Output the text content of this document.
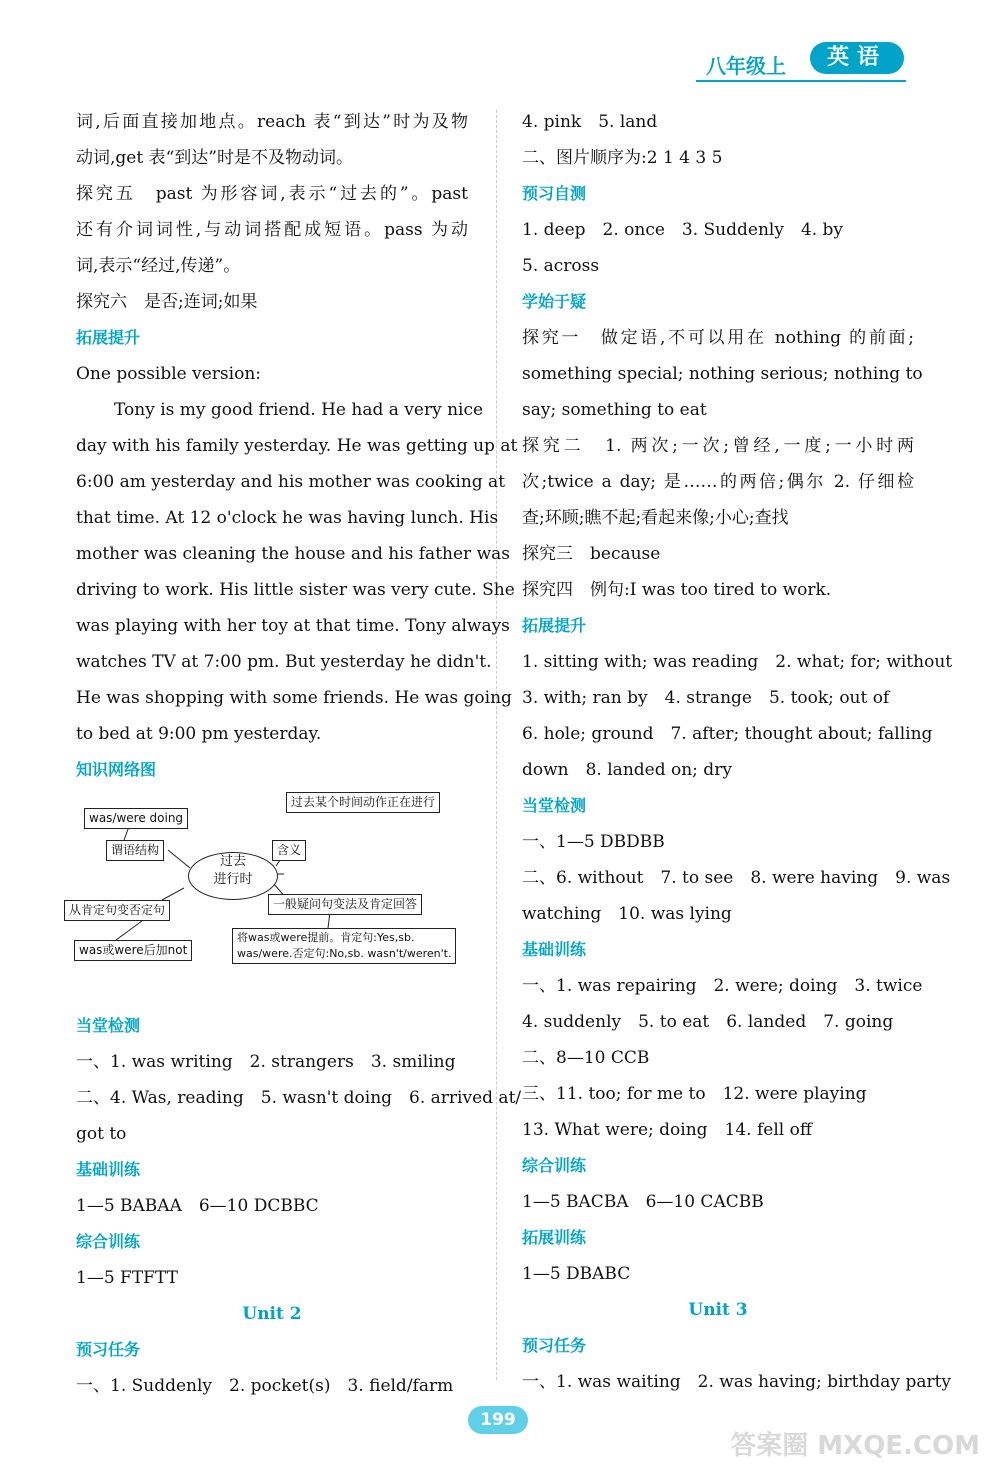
八年级上	英语
词,后面直接加地点。reach 表“到达”时为及物
动词,get 表“到达”时是不及物动词。
探究五　past 为形容词,表示“过去的”。past
还有介词词性,与动词搭配成短语。pass 为动
词,表示“经过,传递”。
探究六　是否;连词;如果
拓展提升
One possible version:
Tony is my good friend. He had a very nice
day with his family yesterday. He was getting up at
6:00 am yesterday and his mother was cooking at
that time. At 12 o'clock he was having lunch. His
mother was cleaning the house and his father was
driving to work. His little sister was very cute. She
was playing with her toy at that time. Tony always
watches TV at 7:00 pm. But yesterday he didn't.
He was shopping with some friends. He was going
to bed at 9:00 pm yesterday.
知识网络图
was/were doing
谓语结构
从肯定句变否定句
was或were后加not
过去
进行时
过去某个时间动作正在进行
含义
一般疑问句变法及肯定回答
将was或were提前。肯定句:Yes,sb.
was/were.否定句:No,sb. wasn't/weren't.
当堂检测
一、1. was writing　2. strangers　3. smiling
二、4. Was, reading　5. wasn't doing　6. arrived at/
got to
基础训练
1—5 BABAA　6—10 DCBBC
综合训练
1—5 FTFTT
Unit 2
预习任务
一、1. Suddenly　2. pocket(s)　3. field/farm
4. pink　5. land
二、图片顺序为:2 1 4 3 5
预习自测
1. deep　2. once　3. Suddenly　4. by
5. across
学始于疑
探究一　做定语,不可以用在 nothing 的前面;
something special; nothing serious; nothing to
say; something to eat
探究二　1. 两次;一次;曾经,一度;一小时两
次;twice a day; 是……的两倍;偶尔 2. 仔细检
查;环顾;瞧不起;看起来像;小心;查找
探究三　because
探究四　例句:I was too tired to work.
拓展提升
1. sitting with; was reading　2. what; for; without
3. with; ran by　4. strange　5. took; out of
6. hole; ground　7. after; thought about; falling
down　8. landed on; dry
当堂检测
一、1—5 DBDBB
二、6. without　7. to see　8. were having　9. was
watching　10. was lying
基础训练
一、1. was repairing　2. were; doing　3. twice
4. suddenly　5. to eat　6. landed　7. going
二、8—10 CCB
三、11. too; for me to　12. were playing
13. What were; doing　14. fell off
综合训练
1—5 BACBA　6—10 CACBB
拓展训练
1—5 DBABC
Unit 3
预习任务
一、1. was waiting　2. was having; birthday party
199
答案圈 MXQE.COM
